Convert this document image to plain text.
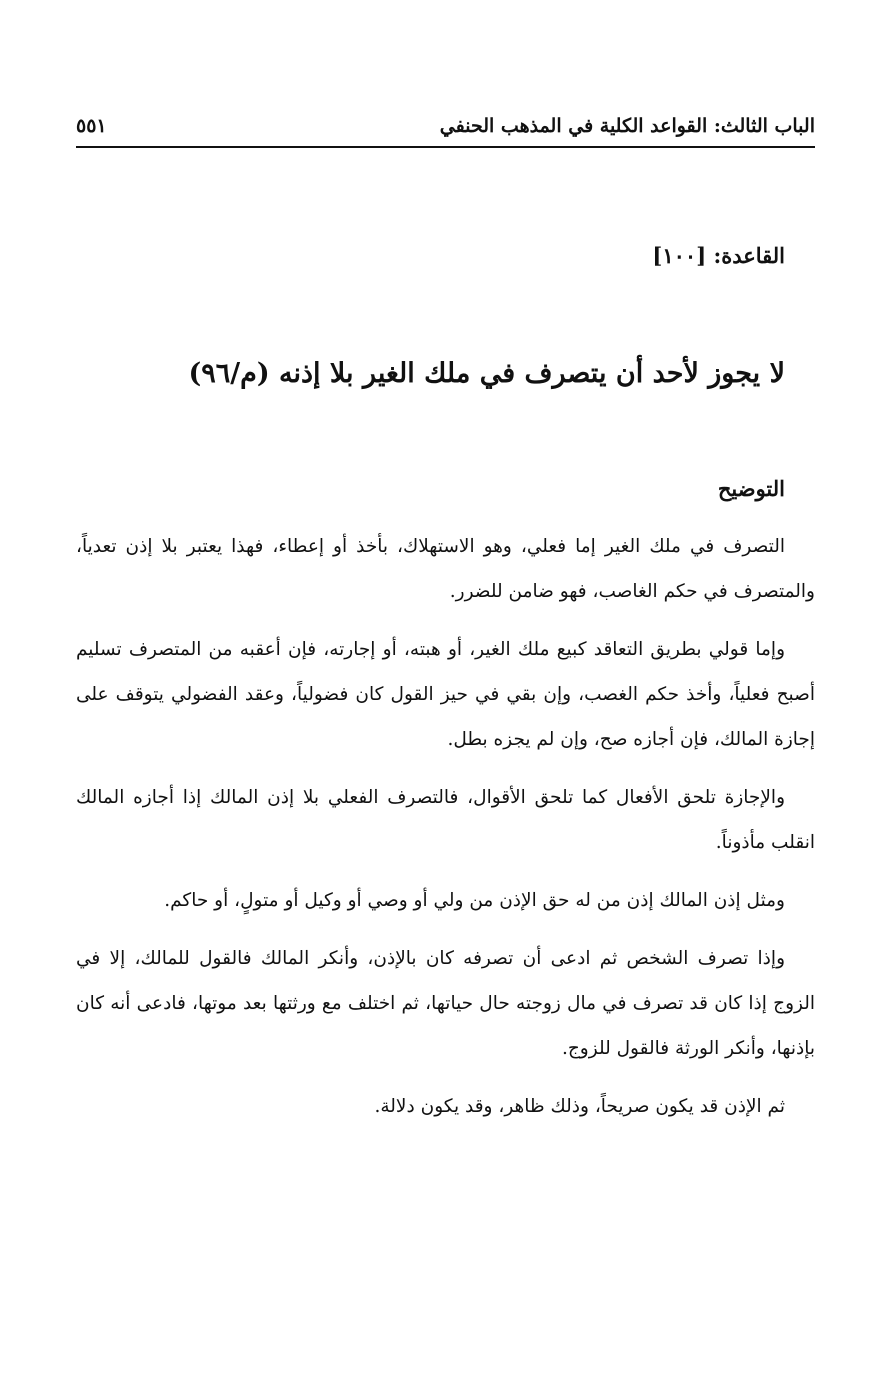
الباب الثالث: القواعد الكلية في المذهب الحنفي
٥٥١
القاعدة: [١٠٠]
لا يجوز لأحد أن يتصرف في ملك الغير بلا إذنه (م/٩٦)
التوضيح

التصرف في ملك الغير إما فعلي، وهو الاستهلاك، بأخذ أو إعطاء، فهذا يعتبر بلا إذن تعدياً، والمتصرف في حكم الغاصب، فهو ضامن للضرر.

وإما قولي بطريق التعاقد كبيع ملك الغير، أو هبته، أو إجارته، فإن أعقبه من المتصرف تسليم أصبح فعلياً، وأخذ حكم الغصب، وإن بقي في حيز القول كان فضولياً، وعقد الفضولي يتوقف على إجازة المالك، فإن أجازه صح، وإن لم يجزه بطل.

والإجازة تلحق الأفعال كما تلحق الأقوال، فالتصرف الفعلي بلا إذن المالك إذا أجازه المالك انقلب مأذوناً.

ومثل إذن المالك إذن من له حق الإذن من ولي أو وصي أو وكيل أو متولٍ، أو حاكم.

وإذا تصرف الشخص ثم ادعى أن تصرفه كان بالإذن، وأنكر المالك فالقول للمالك، إلا في الزوج إذا كان قد تصرف في مال زوجته حال حياتها، ثم اختلف مع ورثتها بعد موتها، فادعى أنه كان بإذنها، وأنكر الورثة فالقول للزوج.

ثم الإذن قد يكون صريحاً، وذلك ظاهر، وقد يكون دلالة.
